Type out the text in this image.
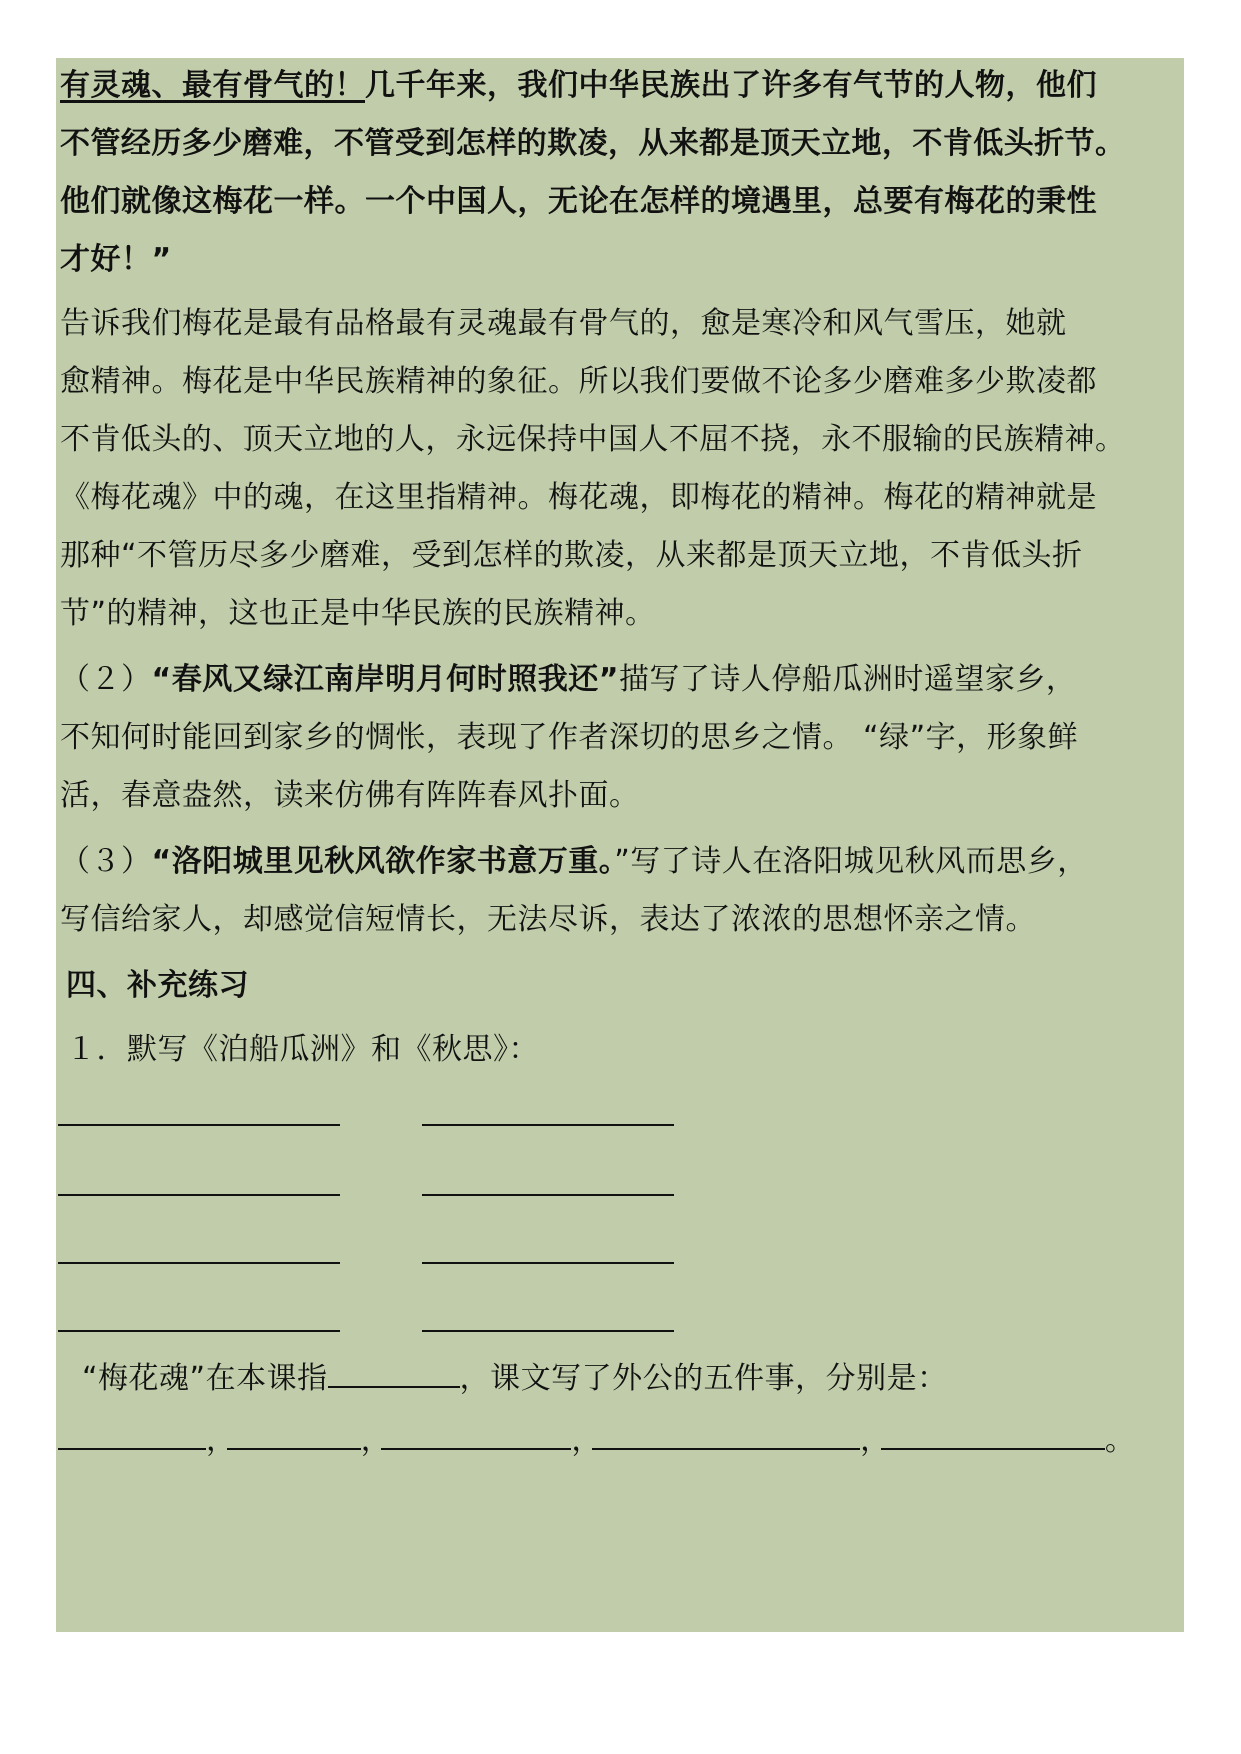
有灵魂、最有骨气的！几千年来，我们中华民族出了许多有气节的人物，他们
不管经历多少磨难，不管受到怎样的欺凌，从来都是顶天立地，不肯低头折节。
他们就像这梅花一样。一个中国人，无论在怎样的境遇里，总要有梅花的秉性
才好！”
告诉我们梅花是最有品格最有灵魂最有骨气的，愈是寒冷和风气雪压，她就
愈精神。梅花是中华民族精神的象征。所以我们要做不论多少磨难多少欺凌都
不肯低头的、顶天立地的人，永远保持中国人不屈不挠，永不服输的民族精神。
《梅花魂》中的魂，在这里指精神。梅花魂，即梅花的精神。梅花的精神就是
那种“不管历尽多少磨难，受到怎样的欺凌，从来都是顶天立地，不肯低头折
节”的精神，这也正是中华民族的民族精神。
（２）“春风又绿江南岸明月何时照我还”描写了诗人停船瓜洲时遥望家乡，
不知何时能回到家乡的惆怅，表现了作者深切的思乡之情。 “绿”字，形象鲜
活，春意盎然，读来仿佛有阵阵春风扑面。
（３）“洛阳城里见秋风欲作家书意万重。”写了诗人在洛阳城见秋风而思乡，
写信给家人，却感觉信短情长，无法尽诉，表达了浓浓的思想怀亲之情。
四、补充练习
１．默写《泊船瓜洲》和《秋思》：
“梅花魂”在本课指	，课文写了外公的五件事，分别是：
，	，	，	，	。
